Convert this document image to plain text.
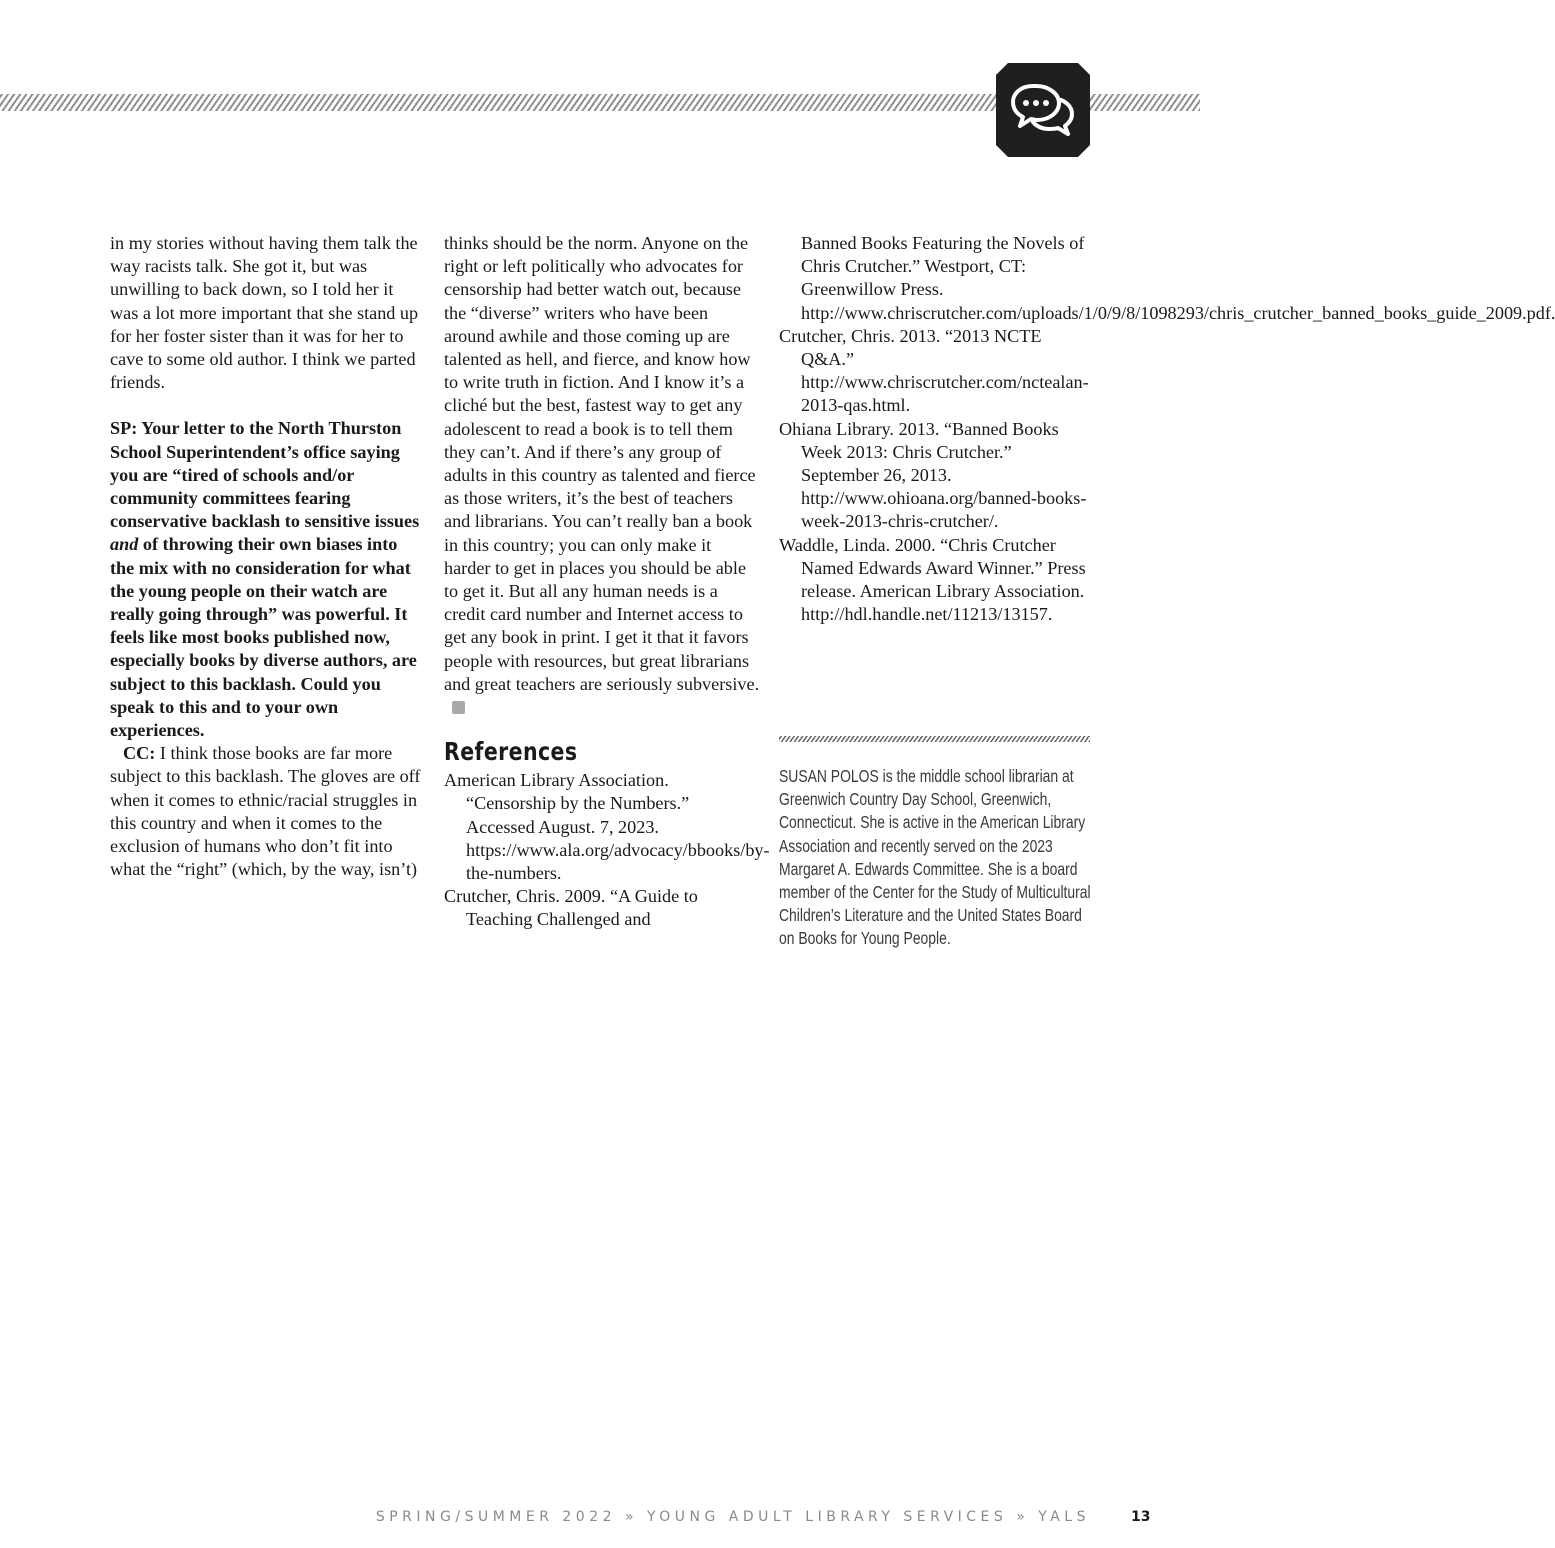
in my stories without having them talk the way racists talk. She got it, but was unwilling to back down, so I told her it was a lot more important that she stand up for her foster sister than it was for her to cave to some old author. I think we parted friends.

SP: Your letter to the North Thurston School Superintendent’s office saying you are “tired of schools and/or community committees fearing conservative backlash to sensitive issues and of throwing their own biases into the mix with no consideration for what the young people on their watch are really going through” was powerful. It feels like most books published now, especially books by diverse authors, are subject to this backlash. Could you speak to this and to your own experiences.

CC: I think those books are far more subject to this backlash. The gloves are off when it comes to ethnic/racial struggles in this country and when it comes to the exclusion of humans who don’t fit into what the “right” (which, by the way, isn’t)

thinks should be the norm. Anyone on the right or left politically who advocates for censorship had better watch out, because the “diverse” writers who have been around awhile and those coming up are talented as hell, and fierce, and know how to write truth in fiction. And I know it’s a cliché but the best, fastest way to get any adolescent to read a book is to tell them they can’t. And if there’s any group of adults in this country as talented and fierce as those writers, it’s the best of teachers and librarians. You can’t really ban a book in this country; you can only make it harder to get in places you should be able to get it. But all any human needs is a credit card number and Internet access to get any book in print. I get it that it favors people with resources, but great librarians and great teachers are seriously subversive.

References

American Library Association. “Censorship by the Numbers.” Accessed August. 7, 2023. https://www.ala.org/advocacy/bbooks/by-the-numbers.

Crutcher, Chris. 2009. “A Guide to Teaching Challenged and

Banned Books Featuring the Novels of Chris Crutcher.” Westport, CT: Greenwillow Press. http://www.chriscrutcher.com/uploads/1/0/9/8/1098293/chris_crutcher_banned_books_guide_2009.pdf.

Crutcher, Chris. 2013. “2013 NCTE Q&A.” http://www.chriscrutcher.com/nctealan-2013-qas.html.

Ohiana Library. 2013. “Banned Books Week 2013: Chris Crutcher.” September 26, 2013. http://www.ohioana.org/banned-books-week-2013-chris-crutcher/.

Waddle, Linda. 2000. “Chris Crutcher Named Edwards Award Winner.” Press release. American Library Association. http://hdl.handle.net/11213/13157.

SUSAN POLOS is the middle school librarian at Greenwich Country Day School, Greenwich, Connecticut. She is active in the American Library Association and recently served on the 2023 Margaret A. Edwards Committee. She is a board member of the Center for the Study of Multicultural Children’s Literature and the United States Board on Books for Young People.
SPRING/SUMMER 2022 » YOUNG ADULT LIBRARY SERVICES » YALS	13
